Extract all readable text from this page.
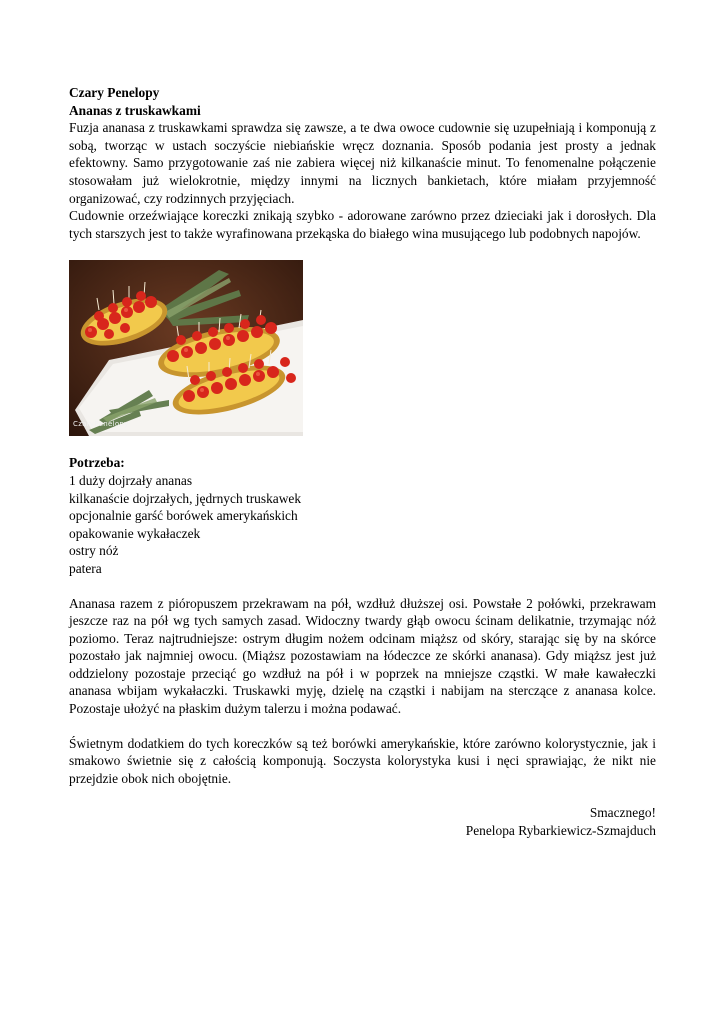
Czary Penelopy

Ananas z truskawkami

Fuzja ananasa z truskawkami sprawdza się zawsze, a te dwa owoce cudownie się uzupełniają i komponują z sobą, tworząc w ustach soczyście niebiańskie wręcz doznania. Sposób podania jest prosty a jednak efektowny. Samo przygotowanie zaś nie zabiera więcej niż kilkanaście minut. To fenomenalne połączenie stosowałam już wielokrotnie, między innymi na licznych bankietach, które miałam przyjemność organizować, czy rodzinnych przyjęciach.

Cudownie orzeźwiające koreczki znikają szybko - adorowane zarówno przez dzieciaki jak i dorosłych. Dla tych starszych jest to także wyrafinowana przekąska do białego wina musującego lub podobnych napojów.

CzaryPenelopy

Potrzeba:

1 duży dojrzały ananas
kilkanaście dojrzałych, jędrnych truskawek
opcjonalnie garść borówek amerykańskich
opakowanie wykałaczek
ostry nóż
patera

Ananasa razem z pióropuszem przekrawam na pół, wzdłuż dłuższej osi. Powstałe 2 połówki, przekrawam jeszcze raz na pół wg tych samych zasad. Widoczny twardy głąb owocu ścinam delikatnie, trzymając nóż poziomo. Teraz najtrudniejsze: ostrym długim nożem odcinam miąższ od skóry, starając się by na skórce pozostało jak najmniej owocu. (Miąższ pozostawiam na łódeczce ze skórki ananasa). Gdy miąższ jest już oddzielony pozostaje przeciąć go wzdłuż na pół i w poprzek na mniejsze cząstki. W małe kawałeczki ananasa wbijam wykałaczki. Truskawki myję, dzielę na cząstki i nabijam na sterczące z ananasa kolce. Pozostaje ułożyć na płaskim dużym talerzu i można podawać.

Świetnym dodatkiem do tych koreczków są też borówki amerykańskie, które zarówno kolorystycznie, jak i smakowo świetnie się z całością komponują. Soczysta kolorystyka kusi i nęci sprawiając, że nikt nie przejdzie obok nich obojętnie.

Smacznego!
Penelopa Rybarkiewicz-Szmajduch
